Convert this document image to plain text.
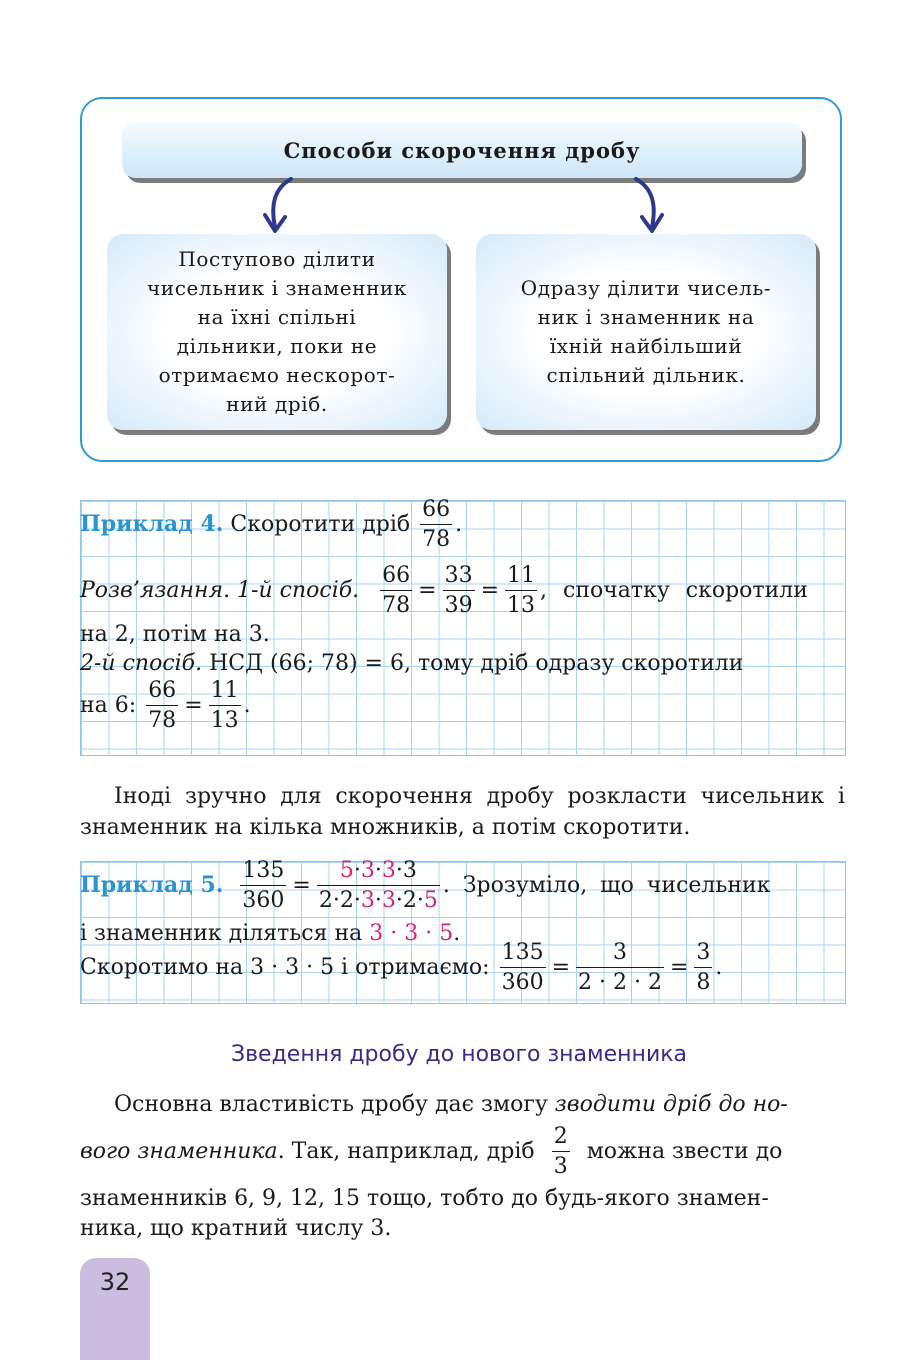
Способи скорочення дробу
Поступово ділити
чисельник і знаменник
на їхні спільні
дільники, поки не
отримаємо нескорот-
ний дріб.
Одразу ділити чисель-
ник і знаменник на
їхній найбільший
спільний дільник.
Приклад 4. Скоротити дріб $\frac{66}{78}$ .
Розв’язання. 1-й спосіб. $\frac{66}{78} = \frac{33}{39} = \frac{11}{13}$ , спочатку скоротили
на 2, потім на 3.
2-й спосіб. НСД (66; 78) = 6, тому дріб одразу скоротили
на 6: $\frac{66}{78} = \frac{11}{13}$ .
Іноді зручно для скорочення дробу розкласти чисельник і знаменник на кілька множників, а потім скоротити.
Приклад 5. $\frac{135}{360} = \frac{5\cdot 3\cdot 3\cdot 3}{2\cdot 2\cdot 3\cdot 3\cdot 2\cdot 5}$ . Зрозуміло, що чисельник
і знаменник діляться на 3 · 3 · 5.
Скоротимо на 3 · 3 · 5 і отримаємо: $\frac{135}{360} = \frac{3}{2 \cdot 2 \cdot 2} = \frac{3}{8}$ .
Зведення дробу до нового знаменника
Основна властивість дробу дає змогу зводити дріб до но-
вого знаменника. Так, наприклад, дріб $\frac{2}{3}$ можна звести до
знаменників 6, 9, 12, 15 тощо, тобто до будь-якого знамен-
ника, що кратний числу 3.
32
